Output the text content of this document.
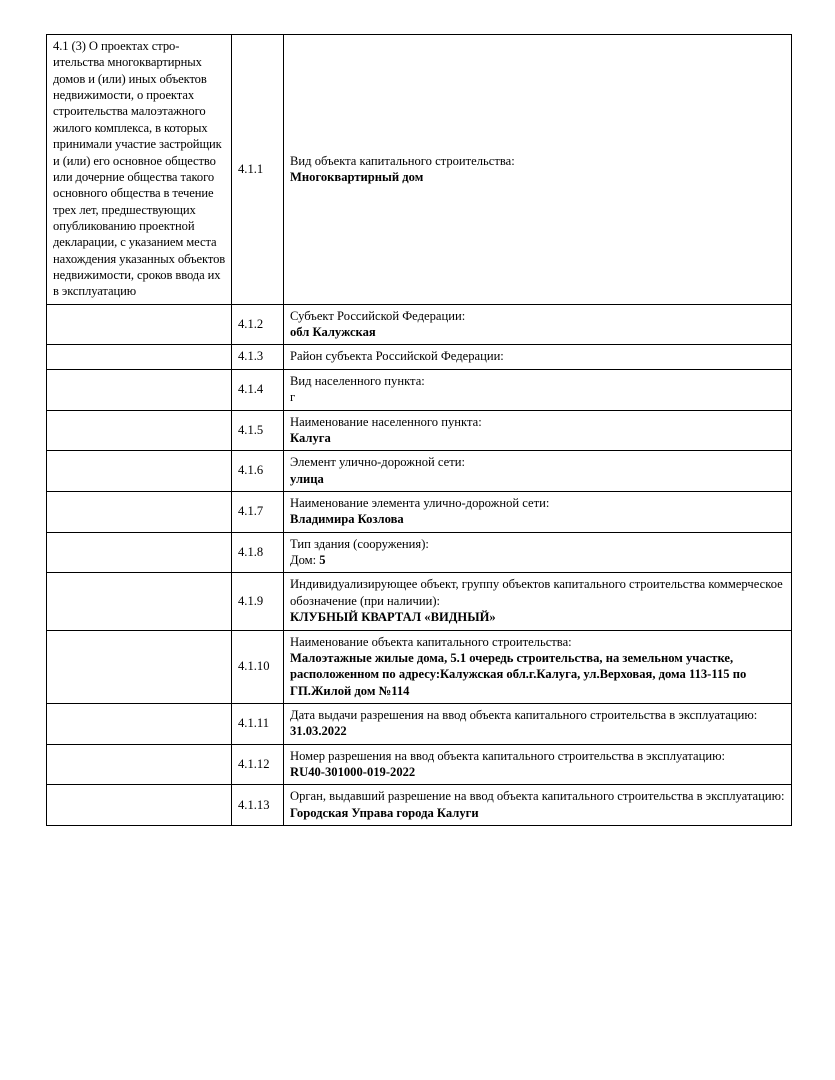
4.1 (3) О проектах строительства многоквартирных домов и (или) иных объектов недвижимости, о проектах строительства малоэтажного жилого комплекса, в которых принимали участие застройщик и (или) его основное общество или дочерние общества такого основного общества в течение трех лет, предшествующих опубликованию проектной декларации, с указанием места нахождения указанных объектов недвижимости, сроков ввода их в эксплуатацию	4.1.1	Вид объекта капитального строительства:
Многоквартирный дом

	4.1.2	Субъект Российской Федерации:
обл Калужская

	4.1.3	Район субъекта Российской Федерации:

	4.1.4	Вид населенного пункта:
г

	4.1.5	Наименование населенного пункта:
Калуга

	4.1.6	Элемент улично-дорожной сети:
улица

	4.1.7	Наименование элемента улично-дорожной сети:
Владимира Козлова

	4.1.8	Тип здания (сооружения):
Дом: 5

	4.1.9	Индивидуализирующее объект, группу объектов капитального строительства коммерческое обозначение (при наличии):
КЛУБНЫЙ КВАРТАЛ «ВИДНЫЙ»

	4.1.10	Наименование объекта капитального строительства:
Малоэтажные жилые дома, 5.1 очередь строительства, на земельном участке, расположенном по адресу:Калужская обл.г.Калуга, ул.Верховая, дома 113-115 по ГП.Жилой дом №114

	4.1.11	Дата выдачи разрешения на ввод объекта капитального строительства в эксплуатацию:
31.03.2022

	4.1.12	Номер разрешения на ввод объекта капитального строительства в эксплуатацию:
RU40-301000-019-2022

	4.1.13	Орган, выдавший разрешение на ввод объекта капитального строительства в эксплуатацию:
Городская Управа города Калуги
